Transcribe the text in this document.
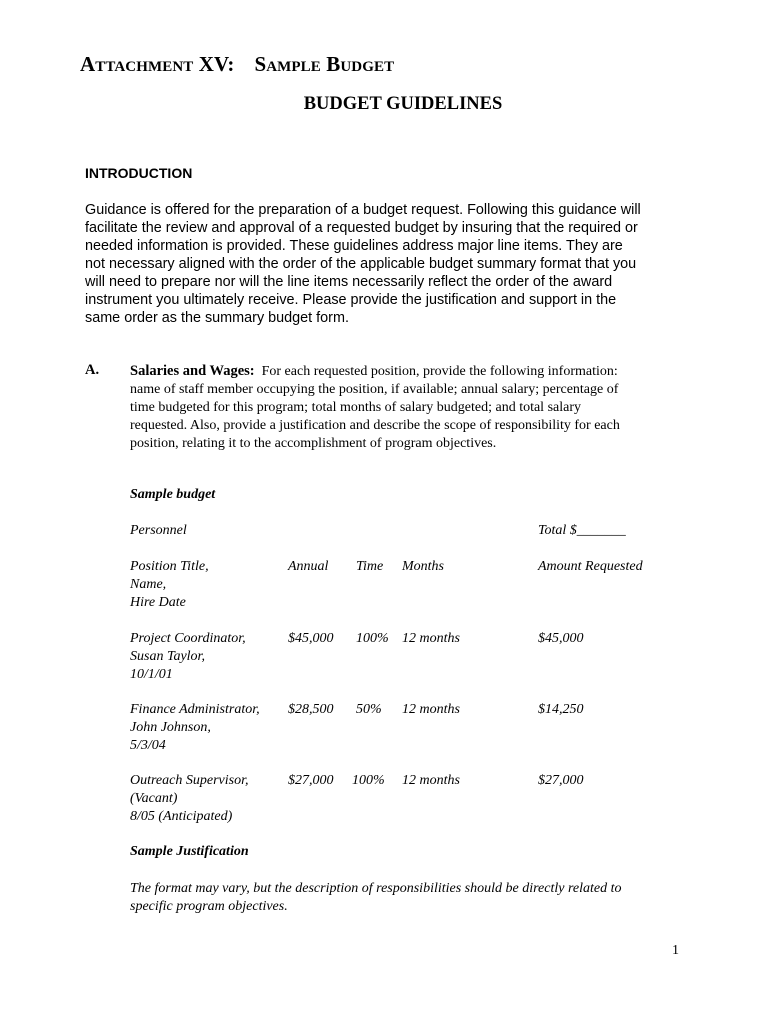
Attachment XV: Sample Budget
BUDGET GUIDELINES
INTRODUCTION
Guidance is offered for the preparation of a budget request. Following this guidance will
facilitate the review and approval of a requested budget by insuring that the required or
needed information is provided. These guidelines address major line items. They are
not necessary aligned with the order of the applicable budget summary format that you
will need to prepare nor will the line items necessarily reflect the order of the award
instrument you ultimately receive. Please provide the justification and support in the
same order as the summary budget form.
A. Salaries and Wages:  For each requested position, provide the following information:
name of staff member occupying the position, if available; annual salary; percentage of
time budgeted for this program; total months of salary budgeted; and total salary
requested. Also, provide a justification and describe the scope of responsibility for each
position, relating it to the accomplishment of program objectives.
Sample budget
Personnel	Total $_______
Position Title,
Name,
Hire Date
Annual Time Months	Amount Requested
Project Coordinator,
Susan Taylor,
10/1/01
$45,000 100% 12 months	$45,000
Finance Administrator,
John Johnson,
5/3/04
$28,500 50% 12 months	$14,250
Outreach Supervisor,
(Vacant)
8/05 (Anticipated)
$27,000 100% 12 months	$27,000
Sample Justification
The format may vary, but the description of responsibilities should be directly related to
specific program objectives.
1
